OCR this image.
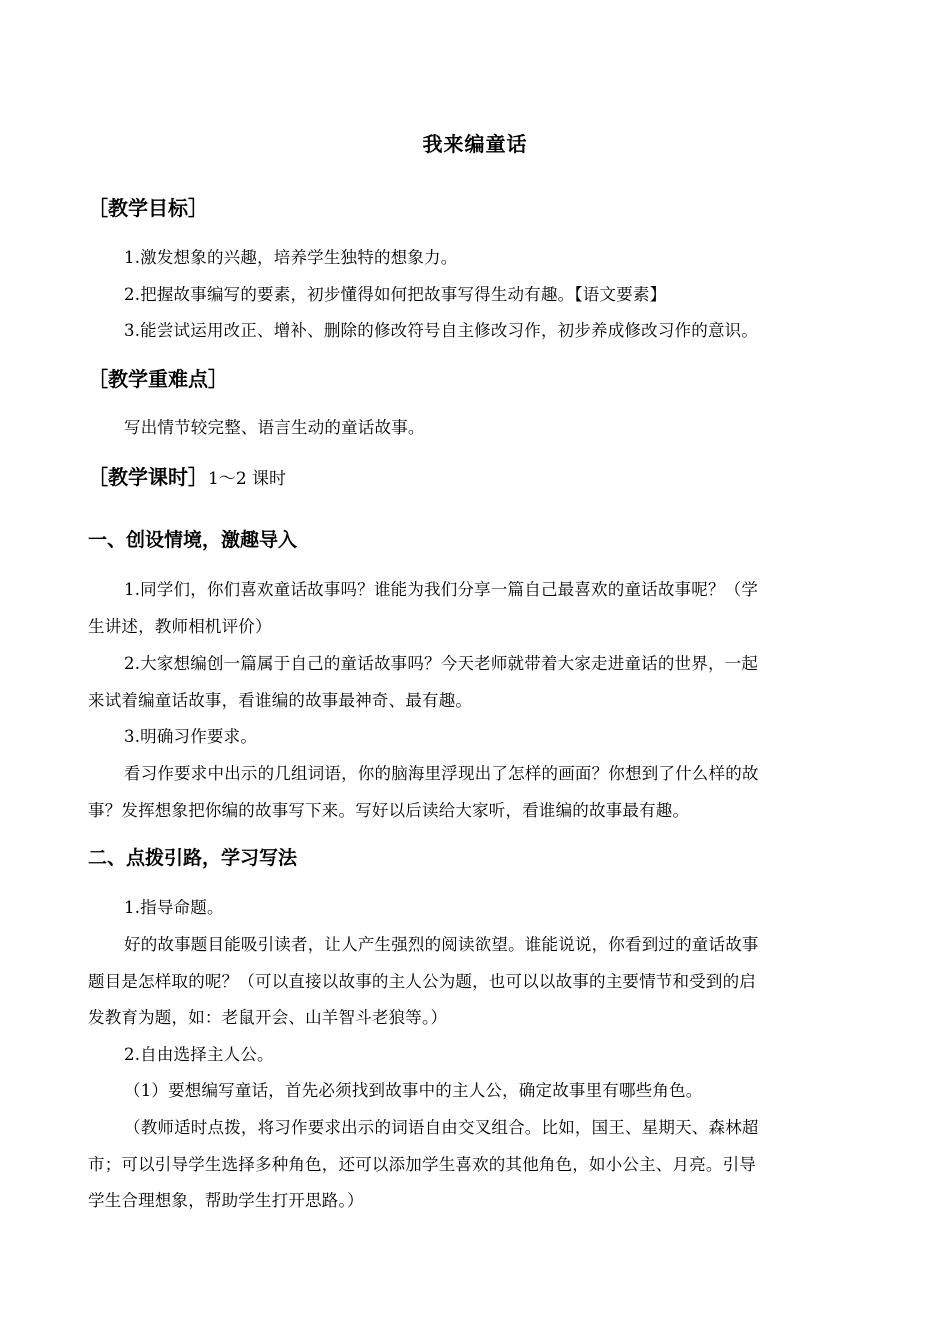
我来编童话
［教学目标］
1.激发想象的兴趣，培养学生独特的想象力。
2.把握故事编写的要素，初步懂得如何把故事写得生动有趣。【语文要素】
3.能尝试运用改正、增补、删除的修改符号自主修改习作，初步养成修改习作的意识。
［教学重难点］
写出情节较完整、语言生动的童话故事。
［教学课时］1～2 课时
一、创设情境，激趣导入
1.同学们，你们喜欢童话故事吗？谁能为我们分享一篇自己最喜欢的童话故事呢？（学
生讲述，教师相机评价）
2.大家想编创一篇属于自己的童话故事吗？今天老师就带着大家走进童话的世界，一起
来试着编童话故事，看谁编的故事最神奇、最有趣。
3.明确习作要求。
看习作要求中出示的几组词语，你的脑海里浮现出了怎样的画面？你想到了什么样的故
事？发挥想象把你编的故事写下来。写好以后读给大家听，看谁编的故事最有趣。
二、点拨引路，学习写法
1.指导命题。
好的故事题目能吸引读者，让人产生强烈的阅读欲望。谁能说说，你看到过的童话故事
题目是怎样取的呢？（可以直接以故事的主人公为题，也可以以故事的主要情节和受到的启
发教育为题，如：老鼠开会、山羊智斗老狼等。）
2.自由选择主人公。
（1）要想编写童话，首先必须找到故事中的主人公，确定故事里有哪些角色。
（教师适时点拨，将习作要求出示的词语自由交叉组合。比如，国王、星期天、森林超
市；可以引导学生选择多种角色，还可以添加学生喜欢的其他角色，如小公主、月亮。引导
学生合理想象，帮助学生打开思路。）
